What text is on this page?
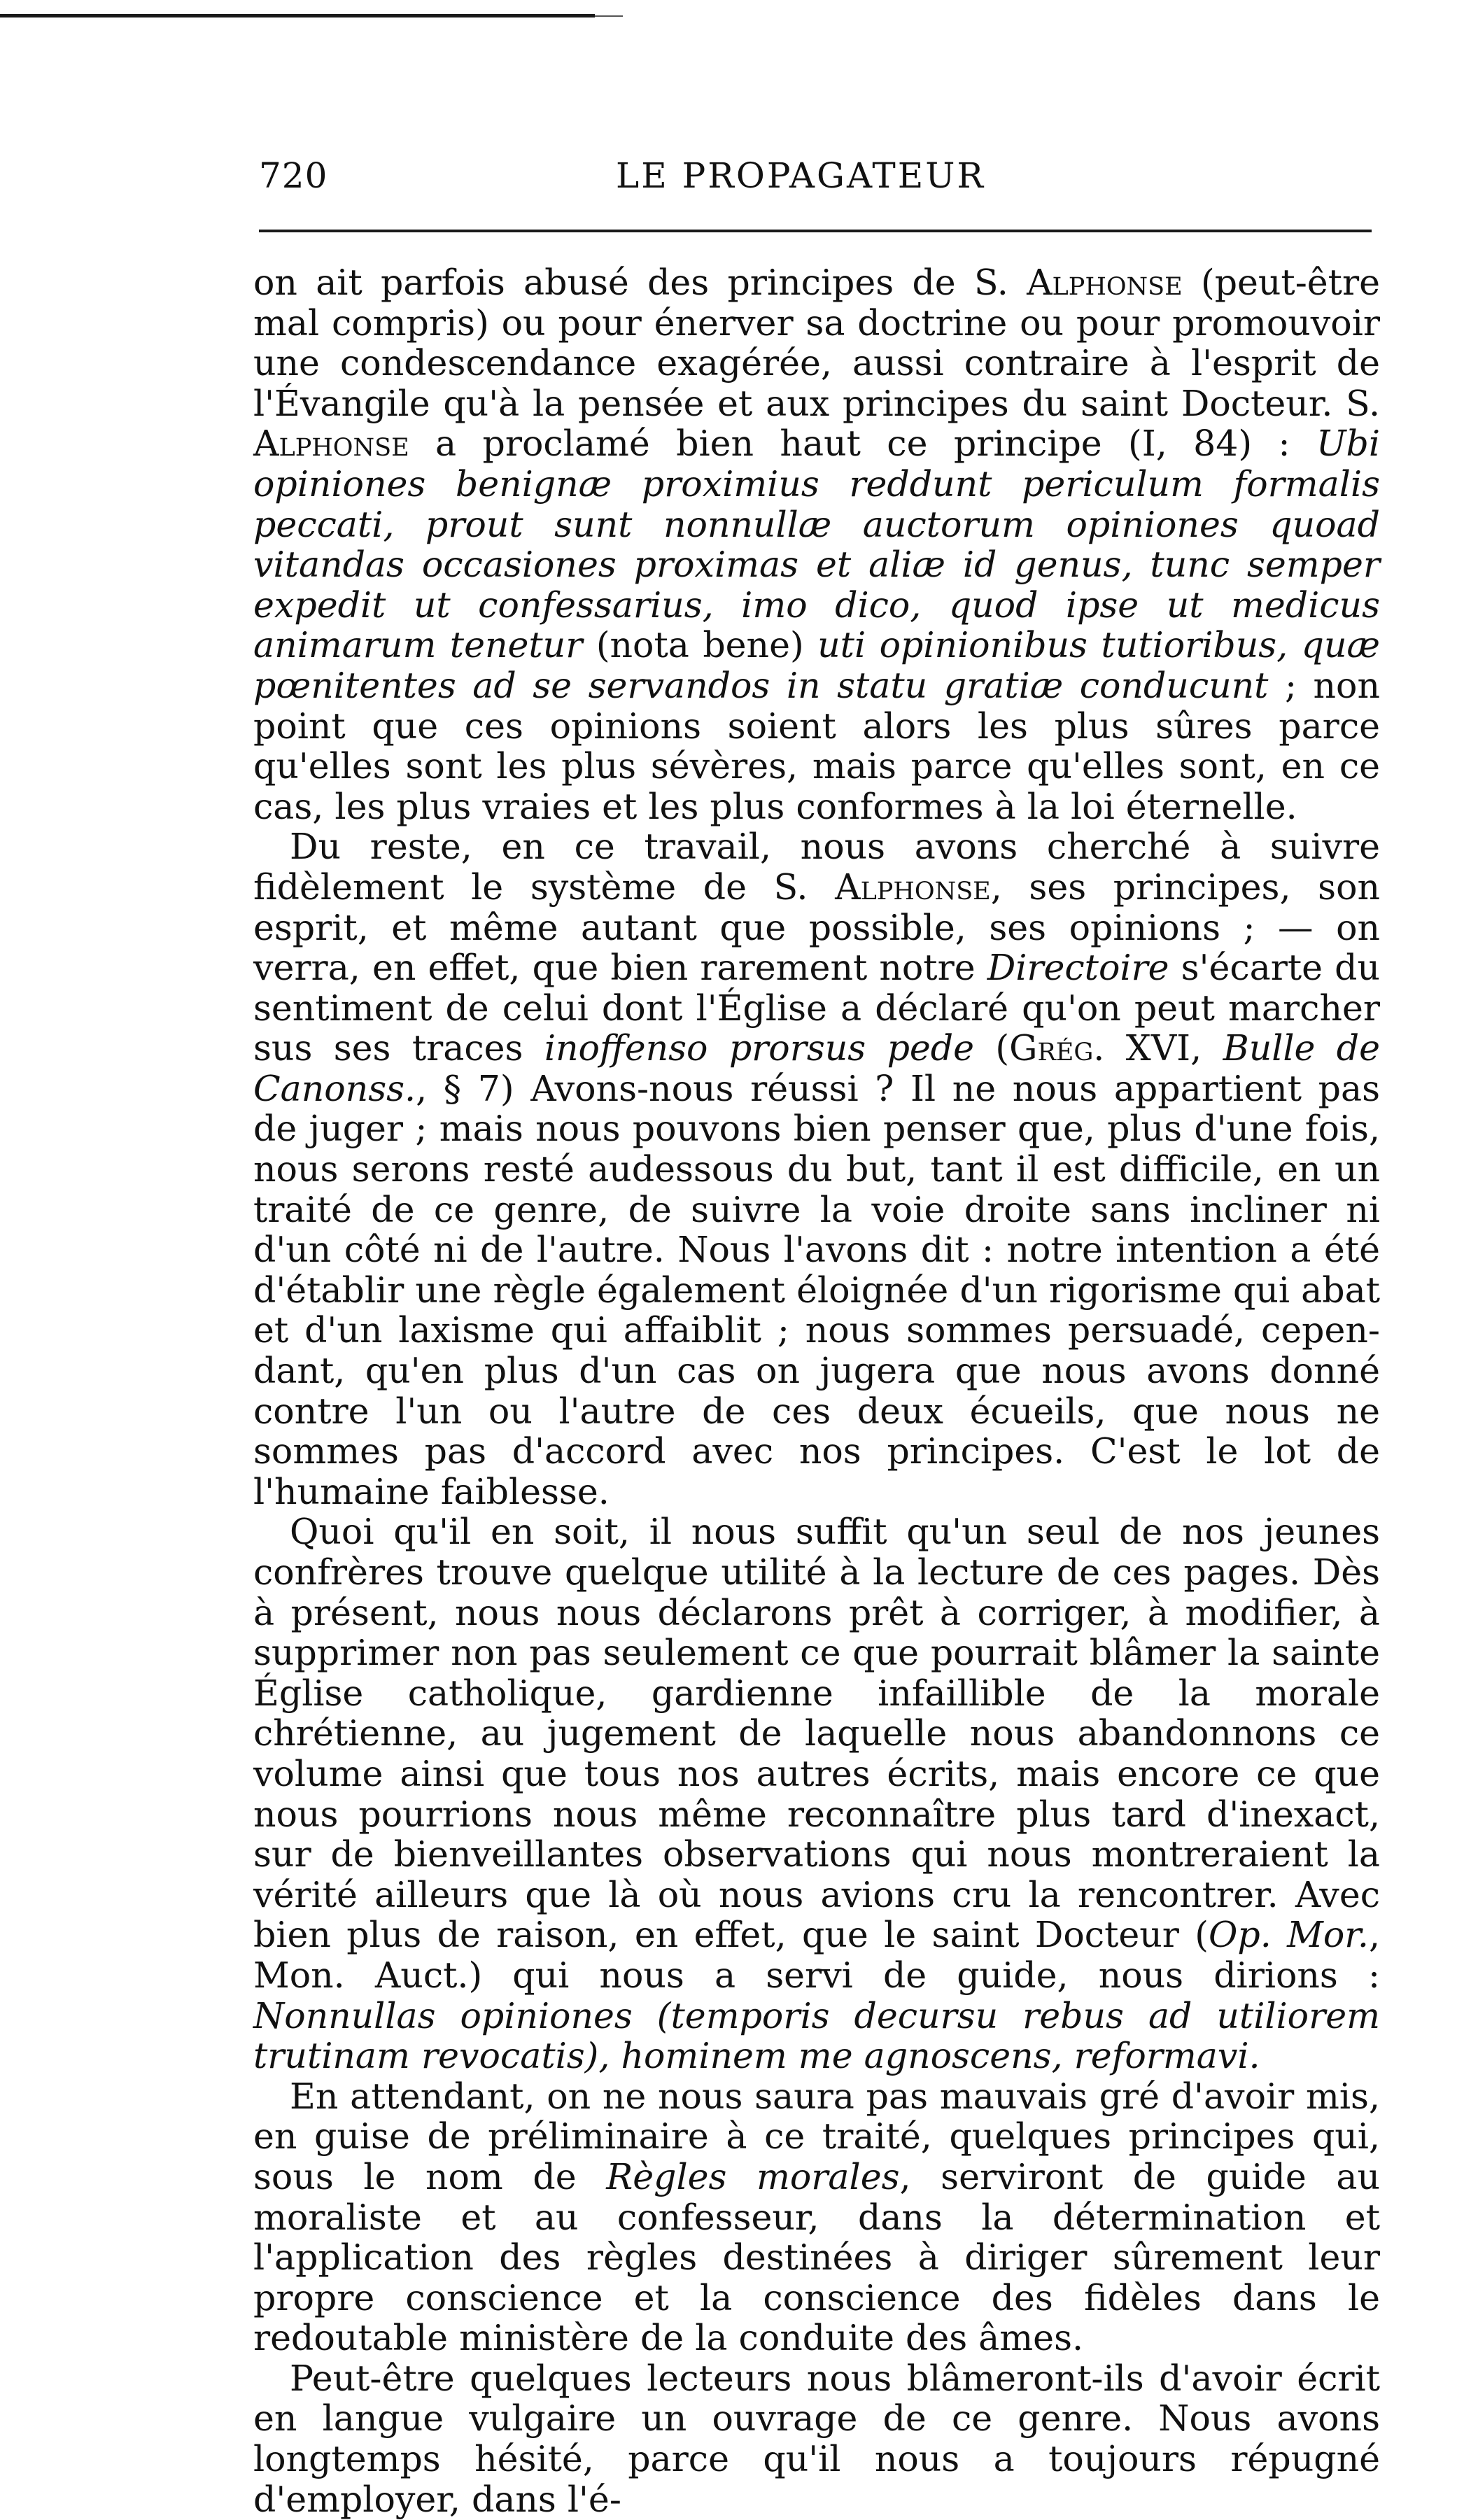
720	LE PROPAGATEUR

on ait parfois abusé des principes de S. Alphonse (peut-être mal compris) ou pour énerver sa doctrine ou pour promouvoir une condescendance exagérée, aussi contraire à l'esprit de l'Évangile qu'à la pensée et aux principes du saint Docteur. S. Alphonse a proclamé bien haut ce principe (I, 84) : Ubi opiniones benignæ proximius reddunt periculum formalis peccati, prout sunt nonnullæ auctorum opiniones quoad vitandas occasiones proximas et aliæ id genus, tunc semper expedit ut confessarius, imo dico, quod ipse ut medicus animarum tenetur (nota bene) uti opinionibus tutioribus, quæ pœnitentes ad se servandos in statu gratiæ conducunt ; non point que ces opinions soient alors les plus sûres parce qu'elles sont les plus sévères, mais parce qu'elles sont, en ce cas, les plus vraies et les plus conformes à la loi éternelle.

Du reste, en ce travail, nous avons cherché à suivre fidèlement le système de S. Alphonse, ses principes, son esprit, et même autant que possible, ses opinions ; — on verra, en effet, que bien rarement notre Directoire s'écarte du sentiment de celui dont l'Église a déclaré qu'on peut marcher sus ses traces inoffenso prorsus pede (Grég. XVI, Bulle de Canonss., § 7) Avons-nous réussi ? Il ne nous appartient pas de juger ; mais nous pouvons bien penser que, plus d'une fois, nous serons resté audessous du but, tant il est difficile, en un traité de ce genre, de suivre la voie droite sans incliner ni d'un côté ni de l'autre. Nous l'avons dit : notre intention a été d'établir une règle également éloignée d'un rigorisme qui abat et d'un laxisme qui affaiblit ; nous sommes persuadé, cependant, qu'en plus d'un cas on jugera que nous avons donné contre l'un ou l'autre de ces deux écueils, que nous ne sommes pas d'accord avec nos principes. C'est le lot de l'humaine faiblesse.

Quoi qu'il en soit, il nous suffit qu'un seul de nos jeunes confrères trouve quelque utilité à la lecture de ces pages. Dès à présent, nous nous déclarons prêt à corriger, à modifier, à supprimer non pas seulement ce que pourrait blâmer la sainte Église catholique, gardienne infaillible de la morale chrétienne, au jugement de laquelle nous abandonnons ce volume ainsi que tous nos autres écrits, mais encore ce que nous pourrions nous même reconnaître plus tard d'inexact, sur de bienveillantes observations qui nous montreraient la vérité ailleurs que là où nous avions cru la rencontrer. Avec bien plus de raison, en effet, que le saint Docteur (Op. Mor., Mon. Auct.) qui nous a servi de guide, nous dirions : Nonnullas opiniones (temporis decursu rebus ad utiliorem trutinam revocatis), hominem me agnoscens, reformavi.

En attendant, on ne nous saura pas mauvais gré d'avoir mis, en guise de préliminaire à ce traité, quelques principes qui, sous le nom de Règles morales, serviront de guide au moraliste et au confesseur, dans la détermination et l'application des règles destinées à diriger sûrement leur propre conscience et la conscience des fidèles dans le redoutable ministère de la conduite des âmes.

Peut-être quelques lecteurs nous blâmeront-ils d'avoir écrit en langue vulgaire un ouvrage de ce genre. Nous avons longtemps hésité, parce qu'il nous a toujours répugné d'employer, dans l'é-
